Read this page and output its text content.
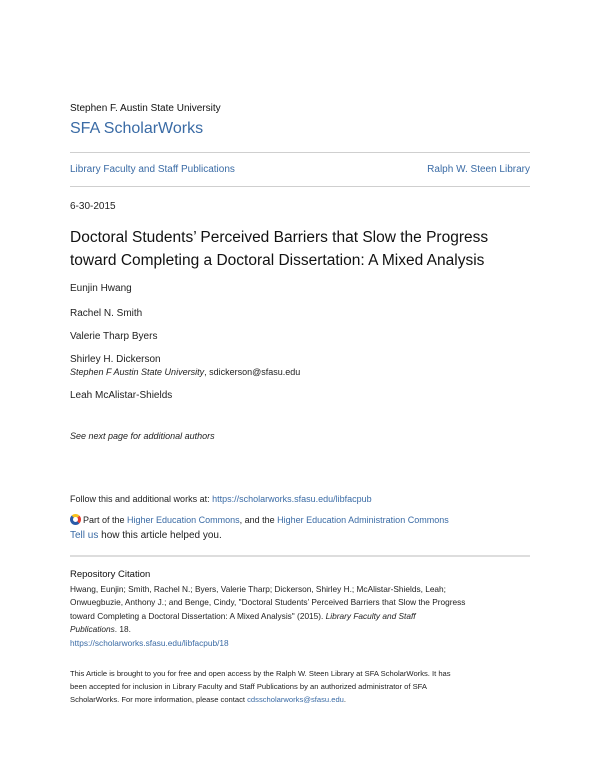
Stephen F. Austin State University
SFA ScholarWorks
Library Faculty and Staff Publications	Ralph W. Steen Library
6-30-2015
Doctoral Students’ Perceived Barriers that Slow the Progress
toward Completing a Doctoral Dissertation: A Mixed Analysis
Eunjin Hwang
Rachel N. Smith
Valerie Tharp Byers
Shirley H. Dickerson
Stephen F Austin State University, sdickerson@sfasu.edu
Leah McAlistar-Shields
See next page for additional authors
Follow this and additional works at: https://scholarworks.sfasu.edu/libfacpub
Part of the Higher Education Commons, and the Higher Education Administration Commons
Tell us how this article helped you.
Repository Citation
Hwang, Eunjin; Smith, Rachel N.; Byers, Valerie Tharp; Dickerson, Shirley H.; McAlistar-Shields, Leah;
Onwuegbuzie, Anthony J.; and Benge, Cindy, "Doctoral Students’ Perceived Barriers that Slow the Progress
toward Completing a Doctoral Dissertation: A Mixed Analysis" (2015). Library Faculty and Staff
Publications. 18.
https://scholarworks.sfasu.edu/libfacpub/18
This Article is brought to you for free and open access by the Ralph W. Steen Library at SFA ScholarWorks. It has
been accepted for inclusion in Library Faculty and Staff Publications by an authorized administrator of SFA
ScholarWorks. For more information, please contact cdsscholarworks@sfasu.edu.
